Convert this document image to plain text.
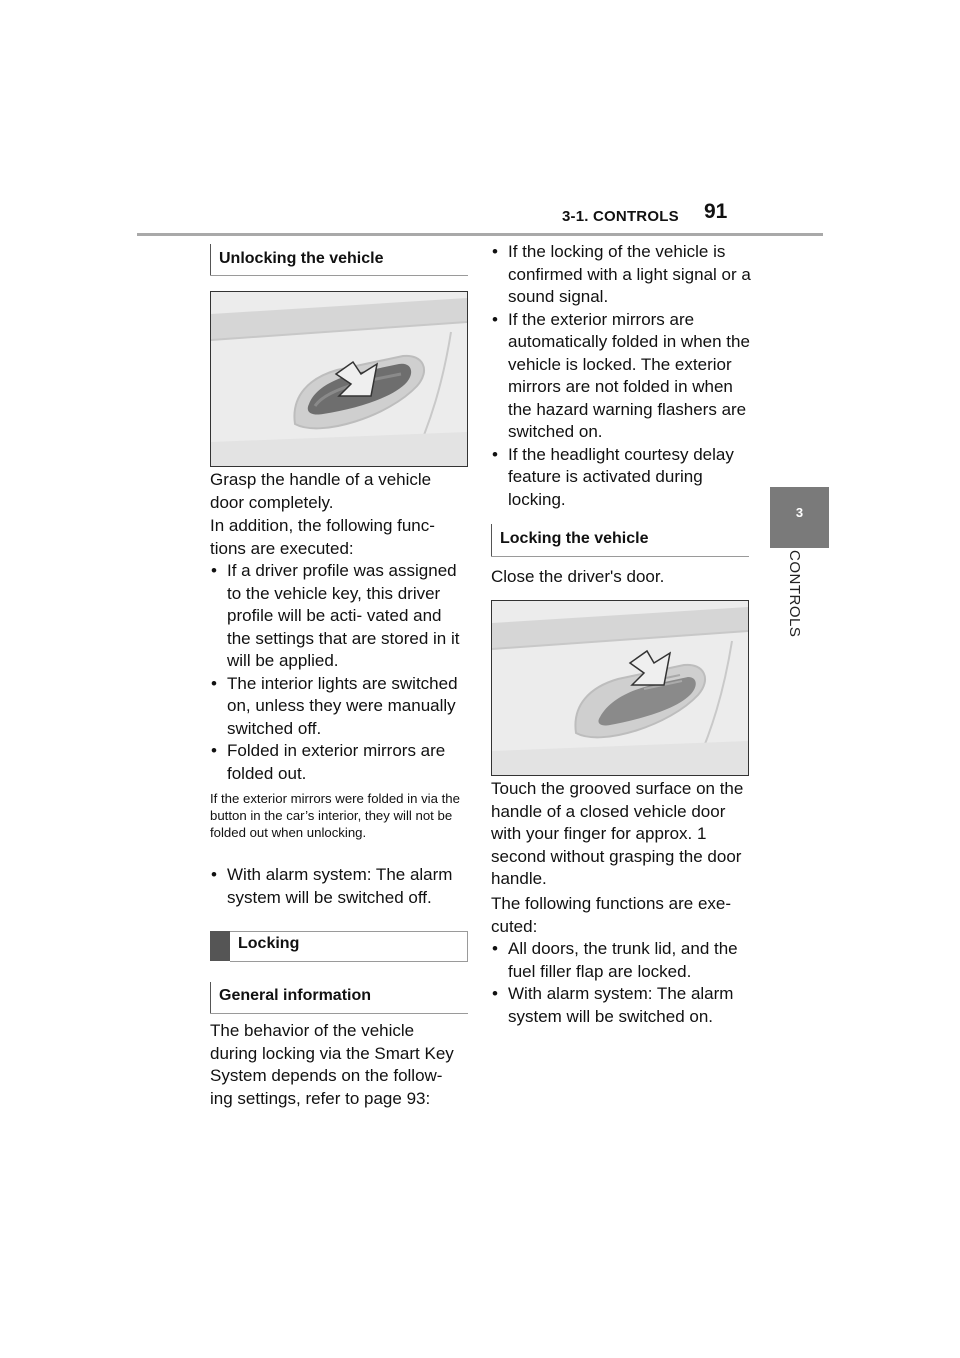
3-1. CONTROLS 91
3
CONTROLS
Unlocking the vehicle
Grasp the handle of a vehicle door completely.
In addition, the following func- tions are executed:
• If a driver profile was assigned to the vehicle key, this driver profile will be acti- vated and the settings that are stored in it will be applied.
• The interior lights are switched on, unless they were manually switched off.
• Folded in exterior mirrors are folded out.
If the exterior mirrors were folded in via the button in the car’s interior, they will not be folded out when unlocking.
• With alarm system: The alarm system will be switched off.
Locking
General information
The behavior of the vehicle during locking via the Smart Key System depends on the follow- ing settings, refer to page 93:
• If the locking of the vehicle is confirmed with a light signal or a sound signal.
• If the exterior mirrors are automatically folded in when the vehicle is locked. The exterior mirrors are not folded in when the hazard warning flashers are switched on.
• If the headlight courtesy delay feature is activated during locking.
Locking the vehicle
Close the driver's door.
Touch the grooved surface on the handle of a closed vehicle door with your finger for approx. 1 second without grasping the door handle.
The following functions are exe- cuted:
• All doors, the trunk lid, and the fuel filler flap are locked.
• With alarm system: The alarm system will be switched on.
